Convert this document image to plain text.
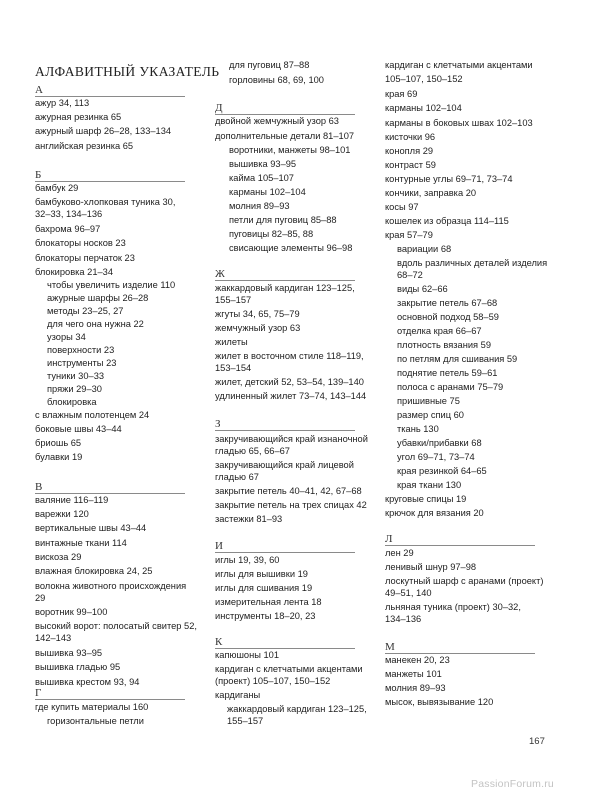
АЛФАВИТНЫЙ УКАЗАТЕЛЬ
А
ажур 34, 113
ажурная резинка 65
ажурный шарф 26–28, 133–134
английская резинка 65
Б
бамбук 29
бамбуково-хлопковая туника 30,
32–33, 134–136
бахрома 96–97
блокаторы носков 23
блокаторы перчаток 23
блокировка 21–34
чтобы увеличить изделие 110
ажурные шарфы 26–28
методы 23–25, 27
для чего она нужна 22
узоры 34
поверхности 23
инструменты 23
туники 30–33
пряжи 29–30
блокировка
с влажным полотенцем 24
боковые швы 43–44
бриошь 65
булавки 19
В
валяние 116–119
варежки 120
вертикальные швы 43–44
винтажные ткани 114
вискоза 29
влажная блокировка 24, 25
волокна животного происхождения
29
воротник 99–100
высокий ворот: полосатый свитер 52,
142–143
вышивка 93–95
вышивка гладью 95
вышивка крестом 93, 94
Г
где купить материалы 160
горизонтальные петли
для пуговиц 87–88
горловины 68, 69, 100
Д
двойной жемчужный узор 63
дополнительные детали 81–107
воротники, манжеты 98–101
вышивка 93–95
кайма 105–107
карманы 102–104
молния 89–93
петли для пуговиц 85–88
пуговицы 82–85, 88
свисающие элементы 96–98
Ж
жаккардовый кардиган 123–125,
155–157
жгуты 34, 65, 75–79
жемчужный узор 63
жилеты
жилет в восточном стиле 118–119,
153–154
жилет, детский 52, 53–54, 139–140
удлиненный жилет 73–74, 143–144
З
закручивающийся край изнаночной
гладью 65, 66–67
закручивающийся край лицевой
гладью 67
закрытие петель 40–41, 42, 67–68
закрытие петель на трех спицах 42
застежки 81–93
И
иглы 19, 39, 60
иглы для вышивки 19
иглы для сшивания 19
измерительная лента 18
инструменты 18–20, 23
К
капюшоны 101
кардиган с клетчатыми акцентами
(проект) 105–107, 150–152
кардиганы
жаккардовый кардиган 123–125,
155–157
кардиган с клетчатыми акцентами
105–107, 150–152
края 69
карманы 102–104
карманы в боковых швах 102–103
кисточки 96
конопля 29
контраст 59
контурные углы 69–71, 73–74
кончики, заправка 20
косы 97
кошелек из образца 114–115
края 57–79
вариации 68
вдоль различных деталей изделия
68–72
виды 62–66
закрытие петель 67–68
основной подход 58–59
отделка края 66–67
плотность вязания 59
по петлям для сшивания 59
поднятие петель 59–61
полоса с аранами 75–79
пришивные 75
размер спиц 60
ткань 130
убавки/прибавки 68
угол 69–71, 73–74
края резинкой 64–65
края ткани 130
круговые спицы 19
крючок для вязания 20
Л
лен 29
ленивый шнур 97–98
лоскутный шарф с аранами (проект)
49–51, 140
льняная туника (проект) 30–32,
134–136
М
манекен 20, 23
манжеты 101
молния 89–93
мысок, вывязывание 120
167
PassionForum.ru
